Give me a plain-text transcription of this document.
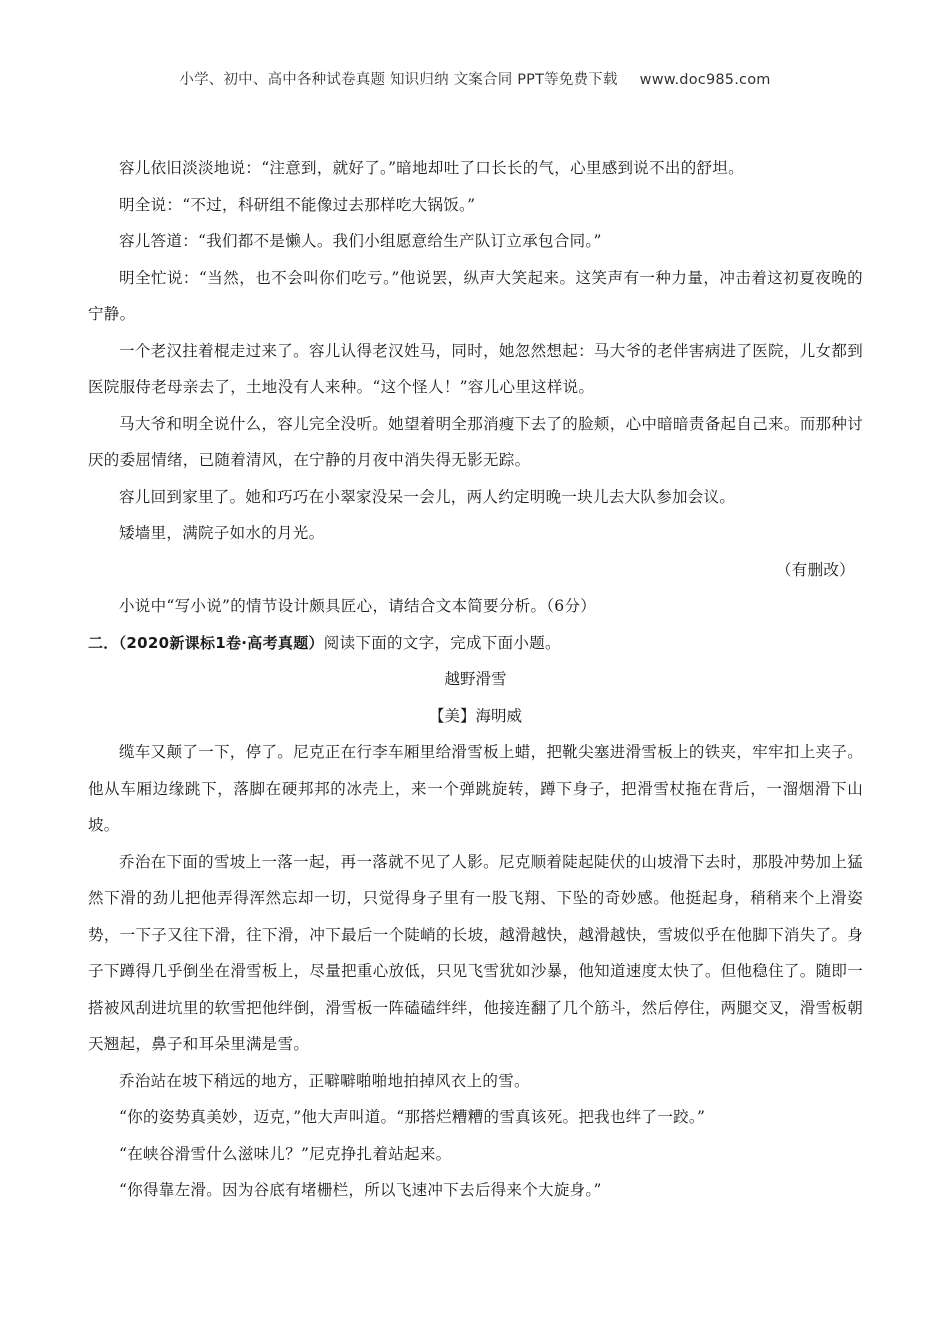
小学、初中、高中各种试卷真题 知识归纳 文案合同 PPT等免费下载 www.doc985.com

容儿依旧淡淡地说：“注意到，就好了。”暗地却吐了口长长的气，心里感到说不出的舒坦。

明全说：“不过，科研组不能像过去那样吃大锅饭。”

容儿答道：“我们都不是懒人。我们小组愿意给生产队订立承包合同。”

明全忙说：“当然，也不会叫你们吃亏。”他说罢，纵声大笑起来。这笑声有一种力量，冲击着这初夏夜晚的宁静。

一个老汉拄着棍走过来了。容儿认得老汉姓马，同时，她忽然想起：马大爷的老伴害病进了医院，儿女都到医院服侍老母亲去了，土地没有人来种。“这个怪人！”容儿心里这样说。

马大爷和明全说什么，容儿完全没听。她望着明全那消瘦下去了的脸颊，心中暗暗责备起自己来。而那种讨厌的委屈情绪，已随着清风，在宁静的月夜中消失得无影无踪。

容儿回到家里了。她和巧巧在小翠家没呆一会儿，两人约定明晚一块儿去大队参加会议。

矮墙里，满院子如水的月光。

（有删改）

小说中“写小说”的情节设计颇具匠心，请结合文本简要分析。（6分）

二．（2020新课标1卷·高考真题）阅读下面的文字，完成下面小题。

越野滑雪

【美】海明威

缆车又颠了一下，停了。尼克正在行李车厢里给滑雪板上蜡，把靴尖塞进滑雪板上的铁夹，牢牢扣上夹子。他从车厢边缘跳下，落脚在硬邦邦的冰壳上，来一个弹跳旋转，蹲下身子，把滑雪杖拖在背后，一溜烟滑下山坡。

乔治在下面的雪坡上一落一起，再一落就不见了人影。尼克顺着陡起陡伏的山坡滑下去时，那股冲势加上猛然下滑的劲儿把他弄得浑然忘却一切，只觉得身子里有一股飞翔、下坠的奇妙感。他挺起身，稍稍来个上滑姿势，一下子又往下滑，往下滑，冲下最后一个陡峭的长坡，越滑越快，越滑越快，雪坡似乎在他脚下消失了。身子下蹲得几乎倒坐在滑雪板上，尽量把重心放低，只见飞雪犹如沙暴，他知道速度太快了。但他稳住了。随即一搭被风刮进坑里的软雪把他绊倒，滑雪板一阵磕磕绊绊，他接连翻了几个筋斗，然后停住，两腿交叉，滑雪板朝天翘起，鼻子和耳朵里满是雪。

乔治站在坡下稍远的地方，正噼噼啪啪地拍掉风衣上的雪。

“你的姿势真美妙，迈克，”他大声叫道。“那搭烂糟糟的雪真该死。把我也绊了一跤。”

“在峡谷滑雪什么滋味儿？”尼克挣扎着站起来。

“你得靠左滑。因为谷底有堵栅栏，所以飞速冲下去后得来个大旋身。”
